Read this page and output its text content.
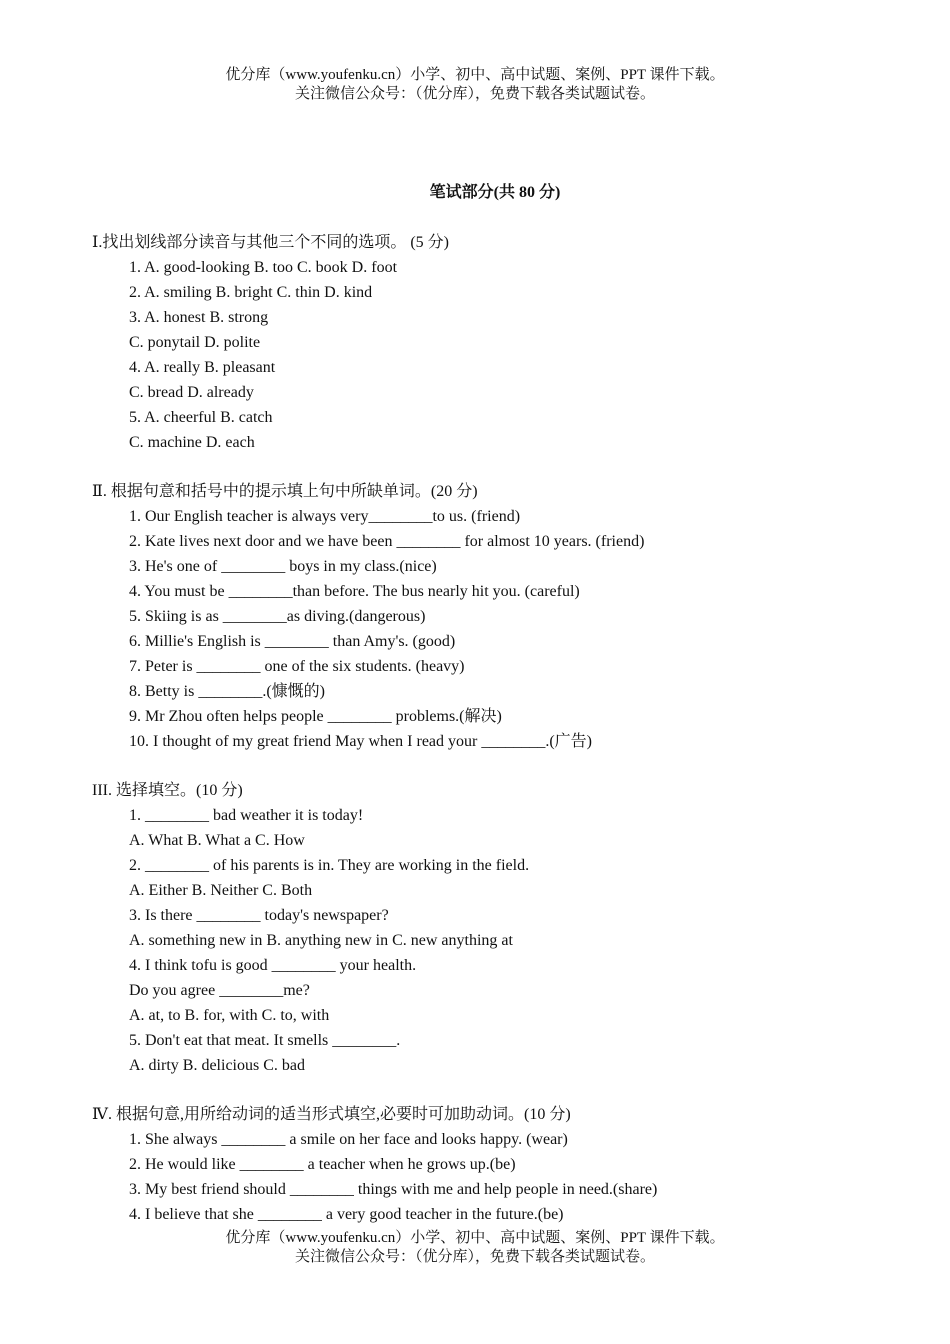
优分库（www.youfenku.cn）小学、初中、高中试题、案例、PPT 课件下载。
关注微信公众号：（优分库），免费下载各类试题试卷。
笔试部分(共 80 分)
Ⅰ.找出划线部分读音与其他三个不同的选项。 (5 分)
1. A. good-looking B. too C. book D. foot
2. A. smiling B. bright C. thin D. kind
3. A. honest B. strong
C. ponytail D. polite
4. A. really B. pleasant
C. bread D. already
5. A. cheerful B. catch
C. machine D. each
Ⅱ. 根据句意和括号中的提示填上句中所缺单词。(20 分)
1. Our English teacher is always very________to us. (friend)
2. Kate lives next door and we have been ________ for almost 10 years. (friend)
3. He's one of ________ boys in my class.(nice)
4. You must be ________than before. The bus nearly hit you. (careful)
5. Skiing is as ________as diving.(dangerous)
6. Millie's English is ________ than Amy's. (good)
7. Peter is ________ one of the six students. (heavy)
8. Betty is ________.(慷慨的)
9. Mr Zhou often helps people ________ problems.(解决)
10. I thought of my great friend May when I read your ________.(广告)
III. 选择填空。(10 分)
1. ________ bad weather it is today!
A. What B. What a C. How
2. ________ of his parents is in. They are working in the field.
A. Either B. Neither C. Both
3. Is there ________ today's newspaper?
A. something new in B. anything new in C. new anything at
4. I think tofu is good ________ your health.
Do you agree ________me?
A. at, to B. for, with C. to, with
5. Don't eat that meat. It smells ________.
A. dirty B. delicious C. bad
Ⅳ. 根据句意,用所给动词的适当形式填空,必要时可加助动词。(10 分)
1. She always ________ a smile on her face and looks happy. (wear)
2. He would like ________ a teacher when he grows up.(be)
3. My best friend should ________ things with me and help people in need.(share)
4. I believe that she ________ a very good teacher in the future.(be)
优分库（www.youfenku.cn）小学、初中、高中试题、案例、PPT 课件下载。
关注微信公众号：（优分库），免费下载各类试题试卷。
